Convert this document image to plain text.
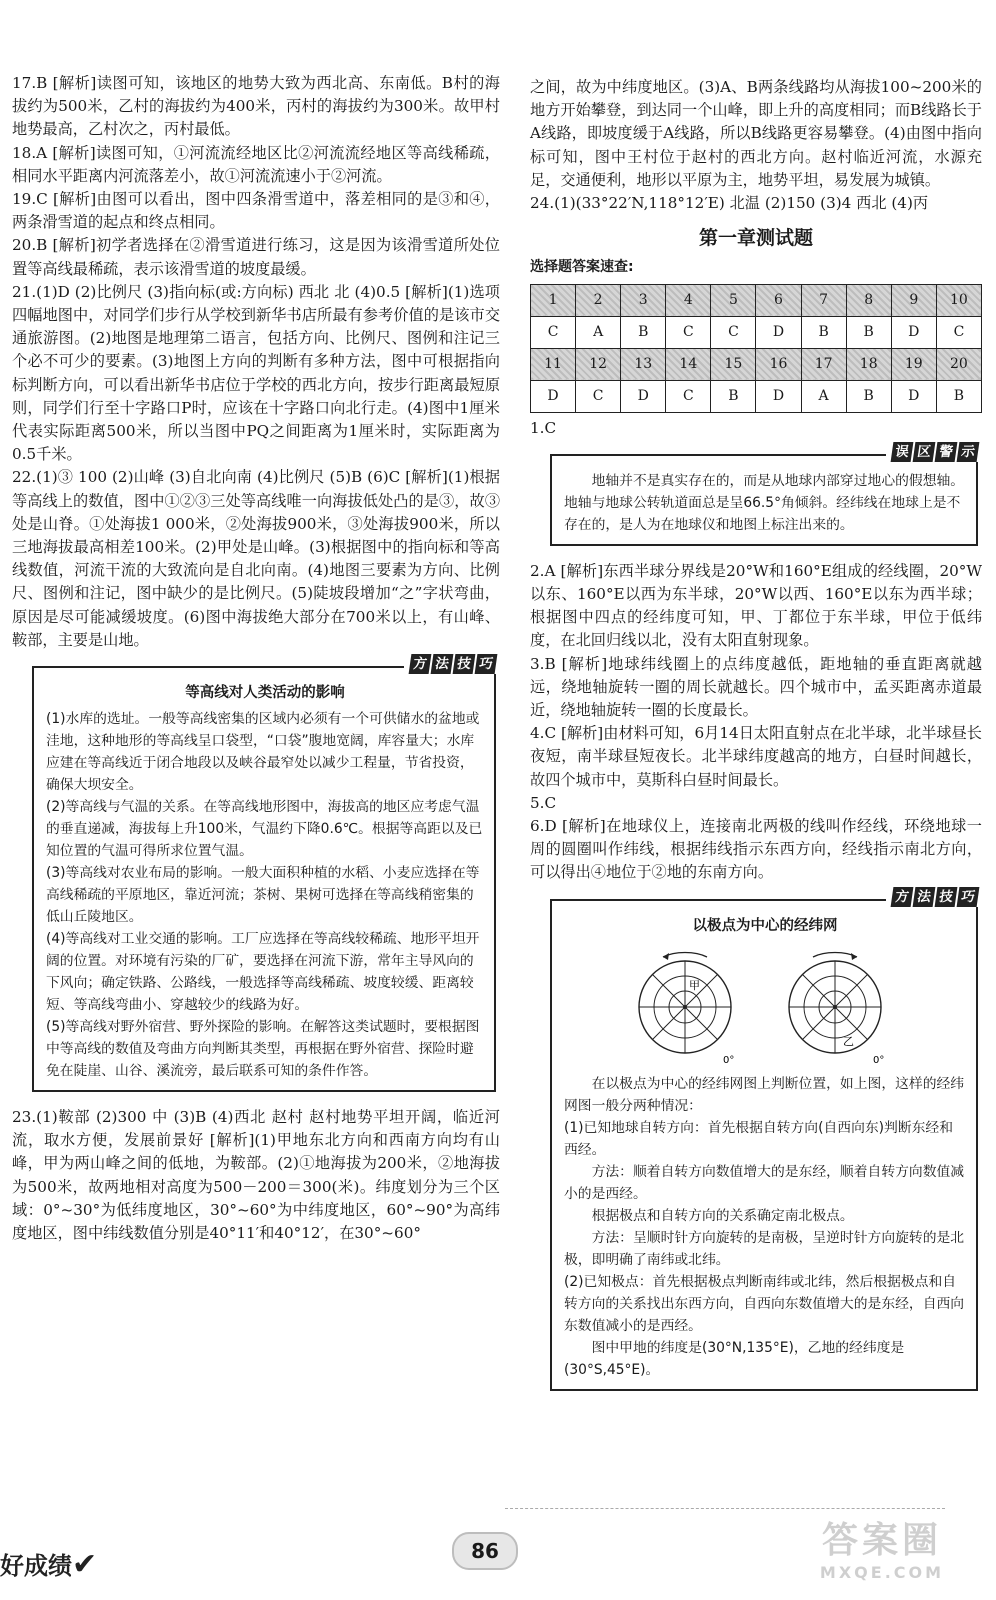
17.B [解析]读图可知，该地区的地势大致为西北高、东南低。B村的海拔约为500米，乙村的海拔约为400米，丙村的海拔约为300米。故甲村地势最高，乙村次之，丙村最低。

18.A [解析]读图可知，①河流流经地区比②河流流经地区等高线稀疏，相同水平距离内河流落差小，故①河流流速小于②河流。

19.C [解析]由图可以看出，图中四条滑雪道中，落差相同的是③和④，两条滑雪道的起点和终点相同。

20.B [解析]初学者选择在②滑雪道进行练习，这是因为该滑雪道所处位置等高线最稀疏，表示该滑雪道的坡度最缓。

21.(1)D (2)比例尺 (3)指向标(或:方向标) 西北 北 (4)0.5 [解析](1)选项四幅地图中，对同学们步行从学校到新华书店所最有参考价值的是该市交通旅游图。(2)地图是地理第二语言，包括方向、比例尺、图例和注记三个必不可少的要素。(3)地图上方向的判断有多种方法，图中可根据指向标判断方向，可以看出新华书店位于学校的西北方向，按步行距离最短原则，同学们行至十字路口P时，应该在十字路口向北行走。(4)图中1厘米代表实际距离500米，所以当图中PQ之间距离为1厘米时，实际距离为0.5千米。

22.(1)③ 100 (2)山峰 (3)自北向南 (4)比例尺 (5)B (6)C [解析](1)根据等高线上的数值，图中①②③三处等高线唯一向海拔低处凸的是③，故③处是山脊。①处海拔1 000米，②处海拔900米，③处海拔900米，所以三地海拔最高相差100米。(2)甲处是山峰。(3)根据图中的指向标和等高线数值，河流干流的大致流向是自北向南。(4)地图三要素为方向、比例尺、图例和注记，图中缺少的是比例尺。(5)陡坡段增加“之”字状弯曲，原因是尽可能减缓坡度。(6)图中海拔绝大部分在700米以上，有山峰、鞍部，主要是山地。

方 法 技 巧
等高线对人类活动的影响

(1)水库的选址。一般等高线密集的区域内必须有一个可供储水的盆地或洼地，这种地形的等高线呈口袋型，“口袋”腹地宽阔，库容量大；水库应建在等高线近于闭合地段以及峡谷最窄处以减少工程量，节省投资，确保大坝安全。

(2)等高线与气温的关系。在等高线地形图中，海拔高的地区应考虑气温的垂直递减，海拔每上升100米，气温约下降0.6℃。根据等高距以及已知位置的气温可得所求位置气温。

(3)等高线对农业布局的影响。一般大面积种植的水稻、小麦应选择在等高线稀疏的平原地区，靠近河流；茶树、果树可选择在等高线稍密集的低山丘陵地区。

(4)等高线对工业交通的影响。工厂应选择在等高线较稀疏、地形平坦开阔的位置。对环境有污染的厂矿，要选择在河流下游，常年主导风向的下风向；确定铁路、公路线，一般选择等高线稀疏、坡度较缓、距离较短、等高线弯曲小、穿越较少的线路为好。

(5)等高线对野外宿营、野外探险的影响。在解答这类试题时，要根据图中等高线的数值及弯曲方向判断其类型，再根据在野外宿营、探险时避免在陡崖、山谷、溪流旁，最后联系可知的条件作答。

23.(1)鞍部 (2)300 中 (3)B (4)西北 赵村 赵村地势平坦开阔，临近河流，取水方便，发展前景好 [解析](1)甲地东北方向和西南方向均有山峰，甲为两山峰之间的低地，为鞍部。(2)①地海拔为200米，②地海拔为500米，故两地相对高度为500－200＝300(米)。纬度划分为三个区域：0°~30°为低纬度地区，30°~60°为中纬度地区，60°~90°为高纬度地区，图中纬线数值分别是40°11′和40°12′，在30°~60°

之间，故为中纬度地区。(3)A、B两条线路均从海拔100~200米的地方开始攀登，到达同一个山峰，即上升的高度相同；而B线路长于A线路，即坡度缓于A线路，所以B线路更容易攀登。(4)由图中指向标可知，图中王村位于赵村的西北方向。赵村临近河流，水源充足，交通便利，地形以平原为主，地势平坦，易发展为城镇。

24.(1)(33°22′N,118°12′E) 北温 (2)150 (3)4 西北 (4)丙

第一章测试题
选择题答案速查:
1	2	3	4	5	6	7	8	9	10
C	A	B	C	C	D	B	B	D	C
11	12	13	14	15	16	17	18	19	20
D	C	D	C	B	D	A	B	D	B

1.C

误 区 警 示

地轴并不是真实存在的，而是从地球内部穿过地心的假想轴。地轴与地球公转轨道面总是呈66.5°角倾斜。经纬线在地球上是不存在的，是人为在地球仪和地图上标注出来的。

2.A [解析]东西半球分界线是20°W和160°E组成的经线圈，20°W以东、160°E以西为东半球，20°W以西、160°E以东为西半球；根据图中四点的经纬度可知，甲、丁都位于东半球，甲位于低纬度，在北回归线以北，没有太阳直射现象。

3.B [解析]地球纬线圈上的点纬度越低，距地轴的垂直距离就越远，绕地轴旋转一圈的周长就越长。四个城市中，孟买距离赤道最近，绕地轴旋转一圈的长度最长。

4.C [解析]由材料可知，6月14日太阳直射点在北半球，北半球昼长夜短，南半球昼短夜长。北半球纬度越高的地方，白昼时间越长，故四个城市中，莫斯科白昼时间最长。

5.C

6.D [解析]在地球仪上，连接南北两极的线叫作经线，环绕地球一周的圆圈叫作纬线，根据纬线指示东西方向，经线指示南北方向，可以得出④地位于②地的东南方向。

方 法 技 巧
以极点为中心的经纬网
甲
0°
乙
0°

在以极点为中心的经纬网图上判断位置，如上图，这样的经纬网图一般分两种情况：

(1)已知地球自转方向：首先根据自转方向(自西向东)判断东经和西经。

方法：顺着自转方向数值增大的是东经，顺着自转方向数值减小的是西经。

根据极点和自转方向的关系确定南北极点。

方法：呈顺时针方向旋转的是南极，呈逆时针方向旋转的是北极，即明确了南纬或北纬。

(2)已知极点：首先根据极点判断南纬或北纬，然后根据极点和自转方向的关系找出东西方向，自西向东数值增大的是东经，自西向东数值减小的是西经。

图中甲地的纬度是(30°N,135°E)，乙地的经纬度是(30°S,45°E)。

好成绩✔	86	答案圈
MXQE.COM
